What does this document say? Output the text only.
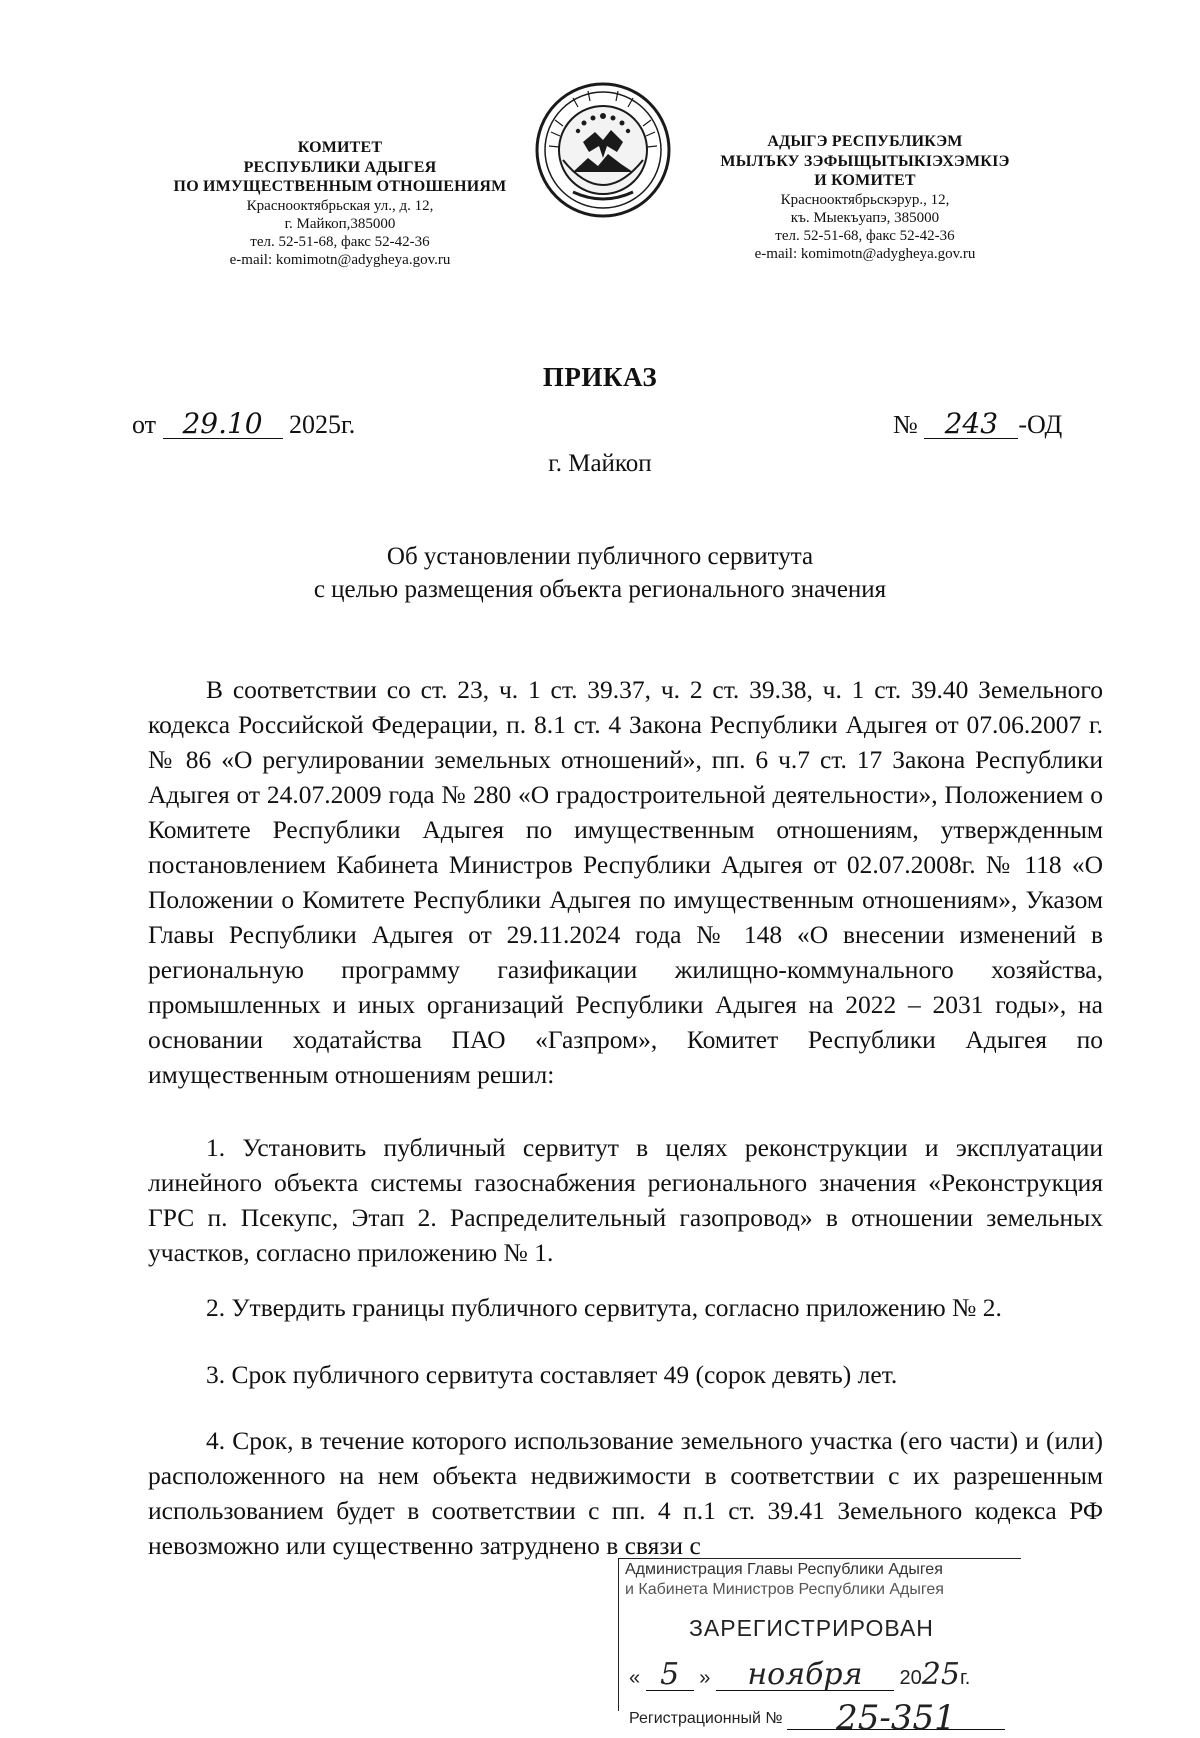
КОМИТЕТ
РЕСПУБЛИКИ АДЫГЕЯ
ПО ИМУЩЕСТВЕННЫМ ОТНОШЕНИЯМ
Краснооктябрьская ул., д. 12,
г. Майкоп,385000
тел. 52-51-68, факс 52-42-36
e-mail: komimotn@adygheya.gov.ru
АДЫГЭ РЕСПУБЛИКЭМ
МЫЛЪКУ ЗЭФЫЩЫТЫКIЭХЭМКIЭ
И КОМИТЕТ
Краснооктябрьскэрур., 12,
къ. Мыекъуапэ, 385000
тел. 52-51-68, факс 52-42-36
e-mail: komimotn@adygheya.gov.ru
ПРИКАЗ
от 29.10 2025г.	№ 243 -ОД
г. Майкоп
Об установлении публичного сервитута
с целью размещения объекта регионального значения
В соответствии со ст. 23, ч. 1 ст. 39.37, ч. 2 ст. 39.38, ч. 1 ст. 39.40 Земельного кодекса Российской Федерации, п. 8.1 ст. 4 Закона Республики Адыгея от 07.06.2007 г. № 86 «О регулировании земельных отношений», пп. 6 ч.7 ст. 17 Закона Республики Адыгея от 24.07.2009 года № 280 «О градостроительной деятельности», Положением о Комитете Республики Адыгея по имущественным отношениям, утвержденным постановлением Кабинета Министров Республики Адыгея от 02.07.2008г. № 118 «О Положении о Комитете Республики Адыгея по имущественным отношениям», Указом Главы Республики Адыгея от 29.11.2024 года № 148 «О внесении изменений в региональную программу газификации жилищно-коммунального хозяйства, промышленных и иных организаций Республики Адыгея на 2022 – 2031 годы», на основании ходатайства ПАО «Газпром», Комитет Республики Адыгея по имущественным отношениям решил:
1. Установить публичный сервитут в целях реконструкции и эксплуатации линейного объекта системы газоснабжения регионального значения «Реконструкция ГРС п. Псекупс, Этап 2. Распределительный газопровод» в отношении земельных участков, согласно приложению № 1.
2. Утвердить границы публичного сервитута, согласно приложению № 2.
3. Срок публичного сервитута составляет 49 (сорок девять) лет.
4. Срок, в течение которого использование земельного участка (его части) и (или) расположенного на нем объекта недвижимости в соответствии с их разрешенным использованием будет в соответствии с пп. 4 п.1 ст. 39.41 Земельного кодекса РФ невозможно или существенно затруднено в связи с
Администрация Главы Республики Адыгея
и Кабинета Министров Республики Адыгея
ЗАРЕГИСТРИРОВАН
« 5 » ноября 2025г.
Регистрационный № 25-351
